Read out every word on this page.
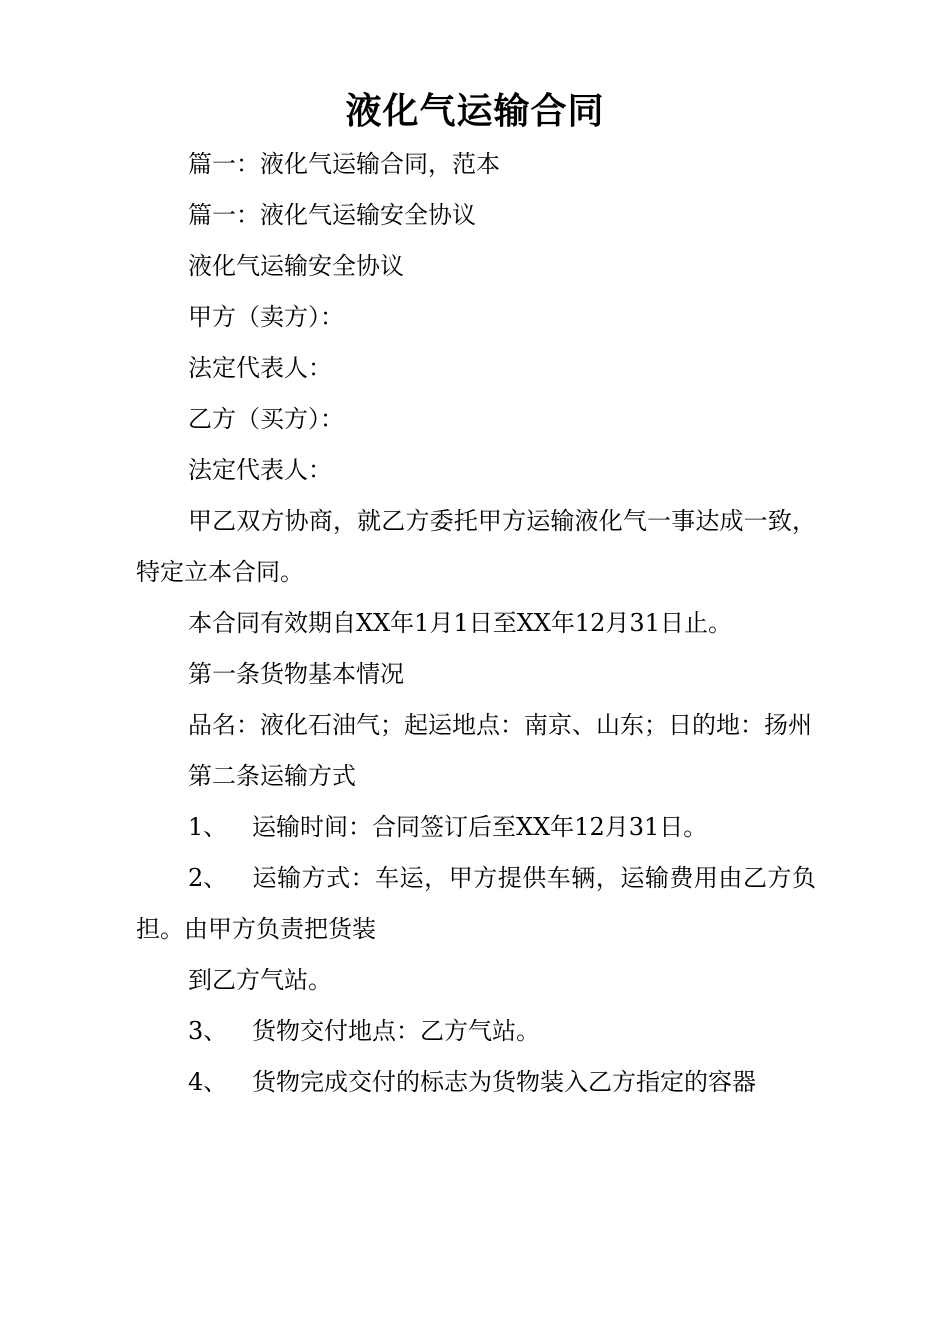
液化气运输合同

篇一：液化气运输合同，范本

篇一：液化气运输安全协议

液化气运输安全协议

甲方（卖方）：

法定代表人：

乙方（买方）：

法定代表人：

甲乙双方协商，就乙方委托甲方运输液化气一事达成一致，特定立本合同。

本合同有效期自XX年1月1日至XX年12月31日止。

第一条货物基本情况

品名：液化石油气；起运地点：南京、山东；日的地：扬州

第二条运输方式

1、 运输时间：合同签订后至XX年12月31日。

2、 运输方式：车运，甲方提供车辆，运输费用由乙方负担。由甲方负责把货装

到乙方气站。

3、 货物交付地点：乙方气站。

4、 货物完成交付的标志为货物装入乙方指定的容器
